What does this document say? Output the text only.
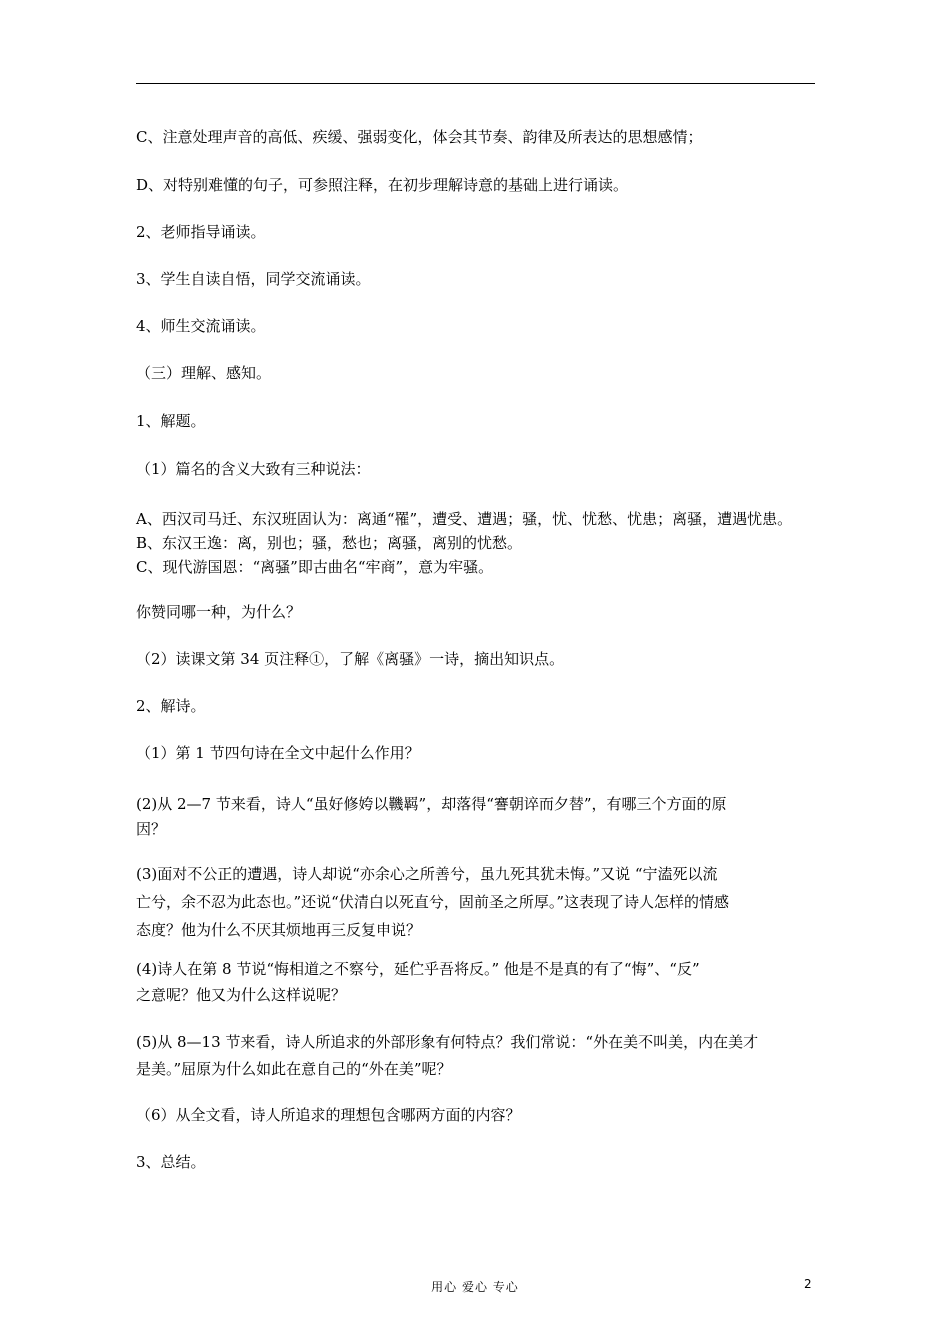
C、注意处理声音的高低、疾缓、强弱变化，体会其节奏、韵律及所表达的思想感情；
D、对特别难懂的句子，可参照注释，在初步理解诗意的基础上进行诵读。
2、老师指导诵读。
3、学生自读自悟，同学交流诵读。
4、师生交流诵读。
（三）理解、感知。
1、解题。
（1）篇名的含义大致有三种说法：
A、西汉司马迁、东汉班固认为：离通“罹”，遭受、遭遇；骚，忧、忧愁、忧患；离骚，遭遇忧患。
B、东汉王逸：离，别也；骚，愁也；离骚，离别的忧愁。
C、现代游国恩：“离骚”即古曲名“牢商”，意为牢骚。
你赞同哪一种，为什么？
（2）读课文第 34 页注释①，了解《离骚》一诗，摘出知识点。
2、解诗。
（1）第 1 节四句诗在全文中起什么作用？
(2)从 2—7 节来看，诗人“虽好修姱以鞿羁”，却落得“謇朝谇而夕替”，有哪三个方面的原
因？
(3)面对不公正的遭遇，诗人却说“亦余心之所善兮，虽九死其犹未悔。”又说 “宁溘死以流
亡兮，余不忍为此态也。”还说“伏清白以死直兮，固前圣之所厚。”这表现了诗人怎样的情感
态度？他为什么不厌其烦地再三反复申说？
(4)诗人在第 8 节说“悔相道之不察兮，延伫乎吾将反。” 他是不是真的有了“悔”、“反”
之意呢？他又为什么这样说呢？
(5)从 8—13 节来看，诗人所追求的外部形象有何特点？我们常说：“外在美不叫美，内在美才
是美。”屈原为什么如此在意自己的“外在美”呢？
（6）从全文看，诗人所追求的理想包含哪两方面的内容？
3、总结。
用心 爱心 专心	2
